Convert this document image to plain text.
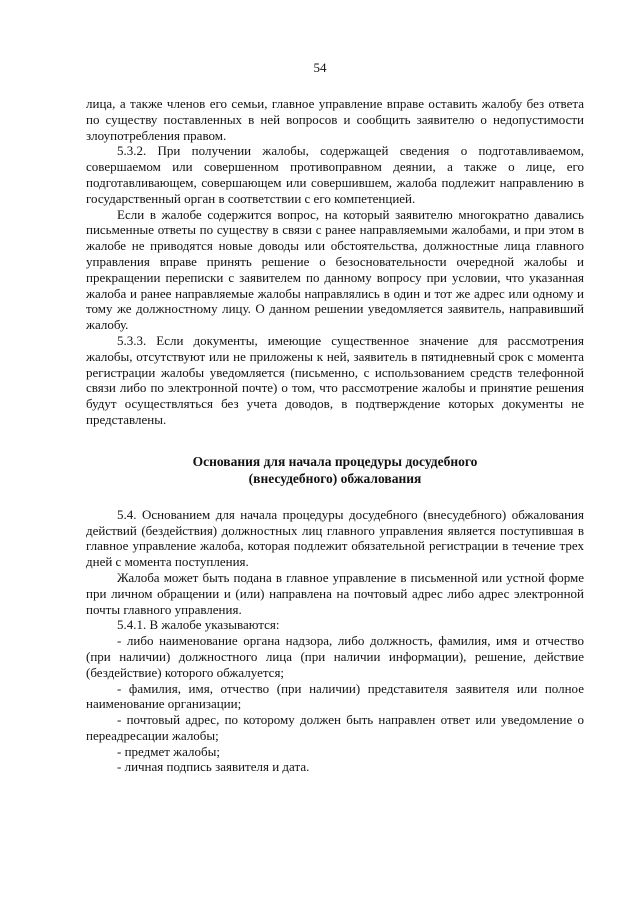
54

лица, а также членов его семьи, главное управление вправе оставить жалобу без ответа по существу поставленных в ней вопросов и сообщить заявителю о недопустимости злоупотребления правом.

5.3.2. При получении жалобы, содержащей сведения о подготавливаемом, совершаемом или совершенном противоправном деянии, а также о лице, его подготавливающем, совершающем или совершившем, жалоба подлежит направлению в государственный орган в соответствии с его компетенцией.

Если в жалобе содержится вопрос, на который заявителю многократно давались письменные ответы по существу в связи с ранее направляемыми жалобами, и при этом в жалобе не приводятся новые доводы или обстоятельства, должностные лица главного управления вправе принять решение о безосновательности очередной жалобы и прекращении переписки с заявителем по данному вопросу при условии, что указанная жалоба и ранее направляемые жалобы направлялись в один и тот же адрес или одному и тому же должностному лицу. О данном решении уведомляется заявитель, направивший жалобу.

5.3.3. Если документы, имеющие существенное значение для рассмотрения жалобы, отсутствуют или не приложены к ней, заявитель в пятидневный срок с момента регистрации жалобы уведомляется (письменно, с использованием средств телефонной связи либо по электронной почте) о том, что рассмотрение жалобы и принятие решения будут осуществляться без учета доводов, в подтверждение которых документы не представлены.

Основания для начала процедуры досудебного
(внесудебного) обжалования

5.4. Основанием для начала процедуры досудебного (внесудебного) обжалования действий (бездействия) должностных лиц главного управления является поступившая в главное управление жалоба, которая подлежит обязательной регистрации в течение трех дней с момента поступления.

Жалоба может быть подана в главное управление в письменной или устной форме при личном обращении и (или) направлена на почтовый адрес либо адрес электронной почты главного управления.

5.4.1. В жалобе указываются:

- либо наименование органа надзора, либо должность, фамилия, имя и отчество (при наличии) должностного лица (при наличии информации), решение, действие (бездействие) которого обжалуется;

- фамилия, имя, отчество (при наличии) представителя заявителя или полное наименование организации;

- почтовый адрес, по которому должен быть направлен ответ или уведомление о переадресации жалобы;

- предмет жалобы;

- личная подпись заявителя и дата.
